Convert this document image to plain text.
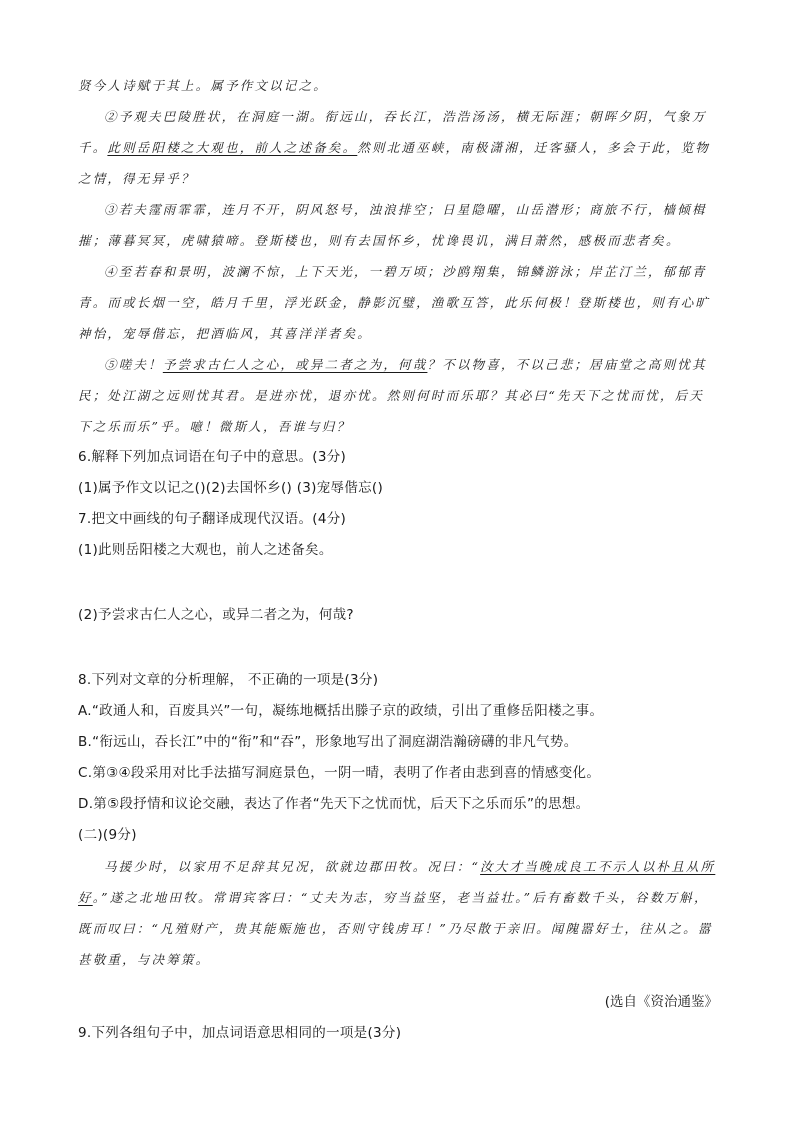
贤今人诗赋于其上。属予作文以记之。

②予观夫巴陵胜状，在洞庭一湖。衔远山，吞长江，浩浩汤汤，横无际涯；朝晖夕阴，气象万千。此则岳阳楼之大观也，前人之述备矣。然则北通巫峡，南极潇湘，迁客骚人，多会于此，览物之情，得无异乎？

③若夫霪雨霏霏，连月不开，阴风怒号，浊浪排空；日星隐曜，山岳潜形；商旅不行，樯倾楫摧；薄暮冥冥，虎啸猿啼。登斯楼也，则有去国怀乡，忧谗畏讥，满目萧然，感极而悲者矣。

④至若春和景明，波澜不惊，上下天光，一碧万顷；沙鸥翔集，锦鳞游泳；岸芷汀兰，郁郁青青。而或长烟一空，皓月千里，浮光跃金，静影沉璧，渔歌互答，此乐何极！登斯楼也，则有心旷神怡，宠辱偕忘，把酒临风，其喜洋洋者矣。

⑤嗟夫！予尝求古仁人之心，或异二者之为，何哉？不以物喜，不以己悲；居庙堂之高则忧其民；处江湖之远则忧其君。是进亦忧，退亦忧。然则何时而乐耶？其必曰“先天下之忧而忧，后天下之乐而乐”乎。噫！微斯人，吾谁与归？

6.解释下列加点词语在句子中的意思。(3分)

(1)属予作文以记之()(2)去国怀乡() (3)宠辱偕忘()

7.把文中画线的句子翻译成现代汉语。(4分)

(1)此则岳阳楼之大观也，前人之述备矣。

(2)予尝求古仁人之心，或异二者之为，何哉?

8.下列对文章的分析理解， 不正确的一项是(3分)

A.“政通人和，百废具兴”一句，凝练地概括出滕子京的政绩，引出了重修岳阳楼之事。

B.“衔远山，吞长江”中的“衔”和“吞”，形象地写出了洞庭湖浩瀚磅礴的非凡气势。

C.第③④段采用对比手法描写洞庭景色，一阴一晴，表明了作者由悲到喜的情感变化。

D.第⑤段抒情和议论交融，表达了作者“先天下之忧而忧，后天下之乐而乐”的思想。

(二)(9分)

马援少时，以家用不足辞其兄况，欲就边郡田牧。况曰：“汝大才当晚成良工不示人以朴且从所好。”遂之北地田牧。常谓宾客曰：“丈夫为志，穷当益坚，老当益壮。”后有畜数千头，谷数万斛，既而叹曰：“凡殖财产，贵其能赈施也，否则守钱虏耳！”乃尽散于亲旧。闻隗嚣好士，往从之。嚣甚敬重，与决筹策。

(选自《资治通鉴》

9.下列各组句子中，加点词语意思相同的一项是(3分)
